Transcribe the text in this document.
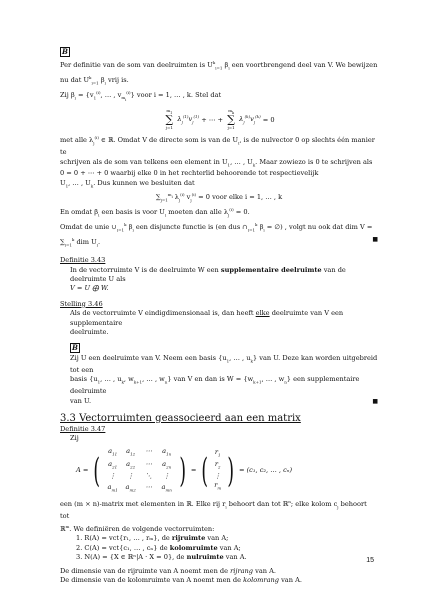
B

Per definitie van de som van deelruimten is $U^k_{i=1}$ $\beta_i$ een voortbrengend deel van V. We bewijzen

nu dat $U^k_{i=1}$ $\beta_i$ vrij is.

Zij $\beta_i = \{v_1^{(i)}$, … , $v_{m_i}^{(i)}$} voor i = 1, … , k. Stel dat

$m_1$
∑
j=1 $\lambda_j^{(1)}v_j^{(1)}$ + ⋯ + $m_k$
∑
j=1 $\lambda_j^{(k)}v_j^{(k)} = 0$

met alle $\lambda_j^{(i)}$ ∈ ℝ. Omdat V de directe som is van de $U_i$, is de nulvector 0 op slechts één manier te

schrijven als de som van telkens een element in $U_1$, … , $U_k$. Maar zowiezo is 0 te schrijven als

0 = 0 + ⋯ + 0 waarbij elke 0 in het rechterlid behoorende tot respectievelijk

$U_1$, … , $U_k$. Dus kunnen we besluiten dat

$\sum_{j=1}^{m_i}$ $\lambda_j^{(i)}$ $v_j^{(i)} = 0$ voor elke i = 1, … , k

En omdat $\beta_i$ een basis is voor $U_i$ moeten dan alle $\lambda_j^{(i)} = 0$.

Omdat de unie $\cup_{i=1}^k$ $\beta_i$ een disjuncte functie is (en dus $\cap_{i=1}^k$ $\beta_i$ = ∅) , volgt nu ook dat dim V =

$\sum_{i=1}^k$ dim $U_i$.	■

Definitie 3.43

In de vectorruimte V is de deelruimte W een supplementaire deelruimte van de deelruimte U als

V = U ⨁ W.

Stelling 3.46

Als de vectorruimte V eindigdimensionaal is, dan heeft elke deelruimte van V een supplementaire

deelruimte.

B

Zij U een deelruimte van V. Neem een basis {$u_1$, … , $u_k$} van U. Deze kan worden uitgebreid tot een

basis {$u_1$, … , $u_k$, $w_{k+1}$, … , $w_n$} van V en dan is $W = \{w_{k+1}$, … , $w_n$} een supplementaire deelruimte

van U.	■

3.3 Vectorruimten geassocieerd aan een matrix

Definitie 3.47

Zij

A = (	$a_{11}$	$a_{12}$	⋯	$a_{1n}$
$a_{21}$	$a_{22}$	⋯	$a_{2n}$
⋮	⋮	⋱	⋮
$a_{m1}$	$a_{m2}$	⋯	$a_{mn}$ ) = ( $r_1$
$r_2$
⋮
$r_m$ ) = (c₁, c₂, … , cₙ)

een (m × n)-matrix met elementen in ℝ. Elke rij $r_i$ behoort dan tot ℝ$^n$; elke kolom $c_j$ behoort tot

ℝ$^m$. We definiëren de volgende vectorruimten:

1. R(A) = vct{r₁, … , rₘ}, de rijruimte van A;

2. C(A) = vct{c₁, … , cₙ} de kolomruimte van A;

3. N(A) = {X ∈ ℝⁿ|A · X = 0}, de nulruimte van A.

De dimensie van de rijruimte van A noemt men de rijrang van A.

De dimensie van de kolomruimte van A noemt men de kolomrang van A.

15
